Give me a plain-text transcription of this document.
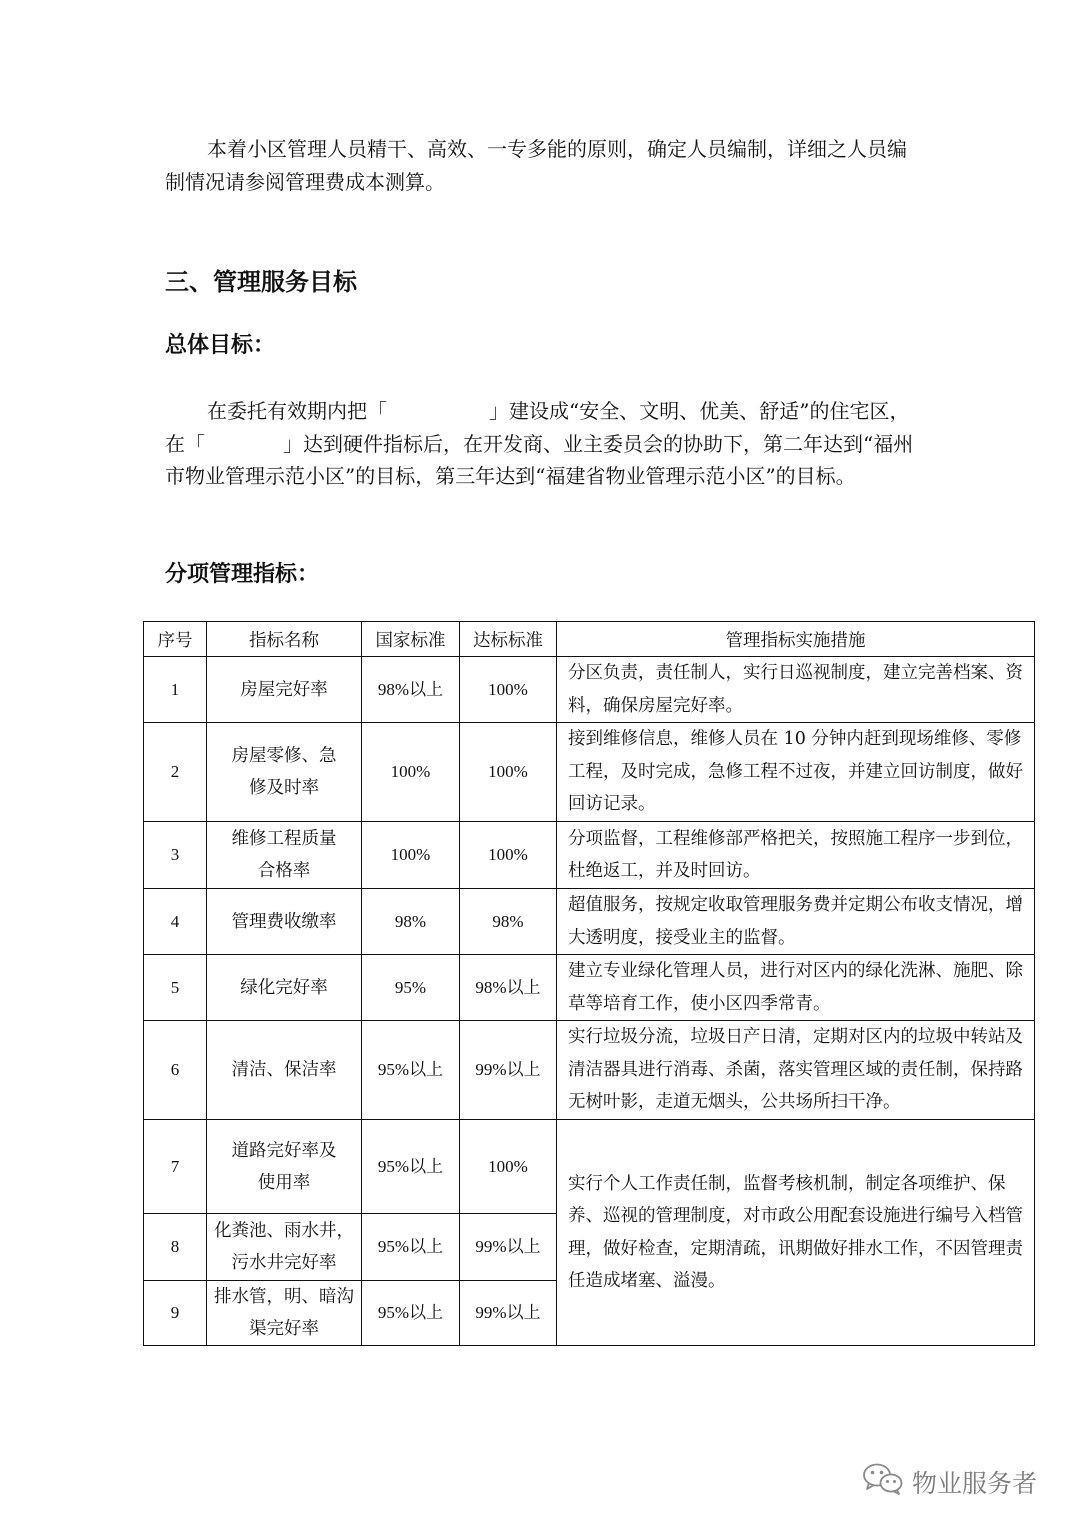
本着小区管理人员精干、高效、一专多能的原则，确定人员编制，详细之人员编制情况请参阅管理费成本测算。

三、管理服务目标
总体目标：

在委托有效期内把「	」建设成“安全、文明、优美、舒适”的住宅区，在「	」达到硬件指标后，在开发商、业主委员会的协助下，第二年达到“福州市物业管理示范小区”的目标，第三年达到“福建省物业管理示范小区”的目标。

分项管理指标：
序号	指标名称	国家标准	达标标准	管理指标实施措施
1	房屋完好率	98%以上	100%	分区负责，责任制人，实行日巡视制度，建立完善档案、资料，确保房屋完好率。
2	房屋零修、急修及时率	100%	100%	接到维修信息，维修人员在 10 分钟内赶到现场维修、零修工程，及时完成，急修工程不过夜，并建立回访制度，做好回访记录。
3	维修工程质量合格率	100%	100%	分项监督，工程维修部严格把关，按照施工程序一步到位，杜绝返工，并及时回访。
4	管理费收缴率	98%	98%	超值服务，按规定收取管理服务费并定期公布收支情况，增大透明度，接受业主的监督。
5	绿化完好率	95%	98%以上	建立专业绿化管理人员，进行对区内的绿化洗淋、施肥、除草等培育工作，使小区四季常青。
6	清洁、保洁率	95%以上	99%以上	实行垃圾分流，垃圾日产日清，定期对区内的垃圾中转站及清洁器具进行消毒、杀菌，落实管理区域的责任制，保持路无树叶影，走道无烟头，公共场所扫干净。
7	道路完好率及使用率	95%以上	100%	实行个人工作责任制，监督考核机制，制定各项维护、保养、巡视的管理制度，对市政公用配套设施进行编号入档管理，做好检查，定期清疏，讯期做好排水工作，不因管理责任造成堵塞、溢漫。
8	化粪池、雨水井，污水井完好率	95%以上	99%以上	
9	排水管，明、暗沟渠完好率	95%以上	99%以上	
物业服务者
